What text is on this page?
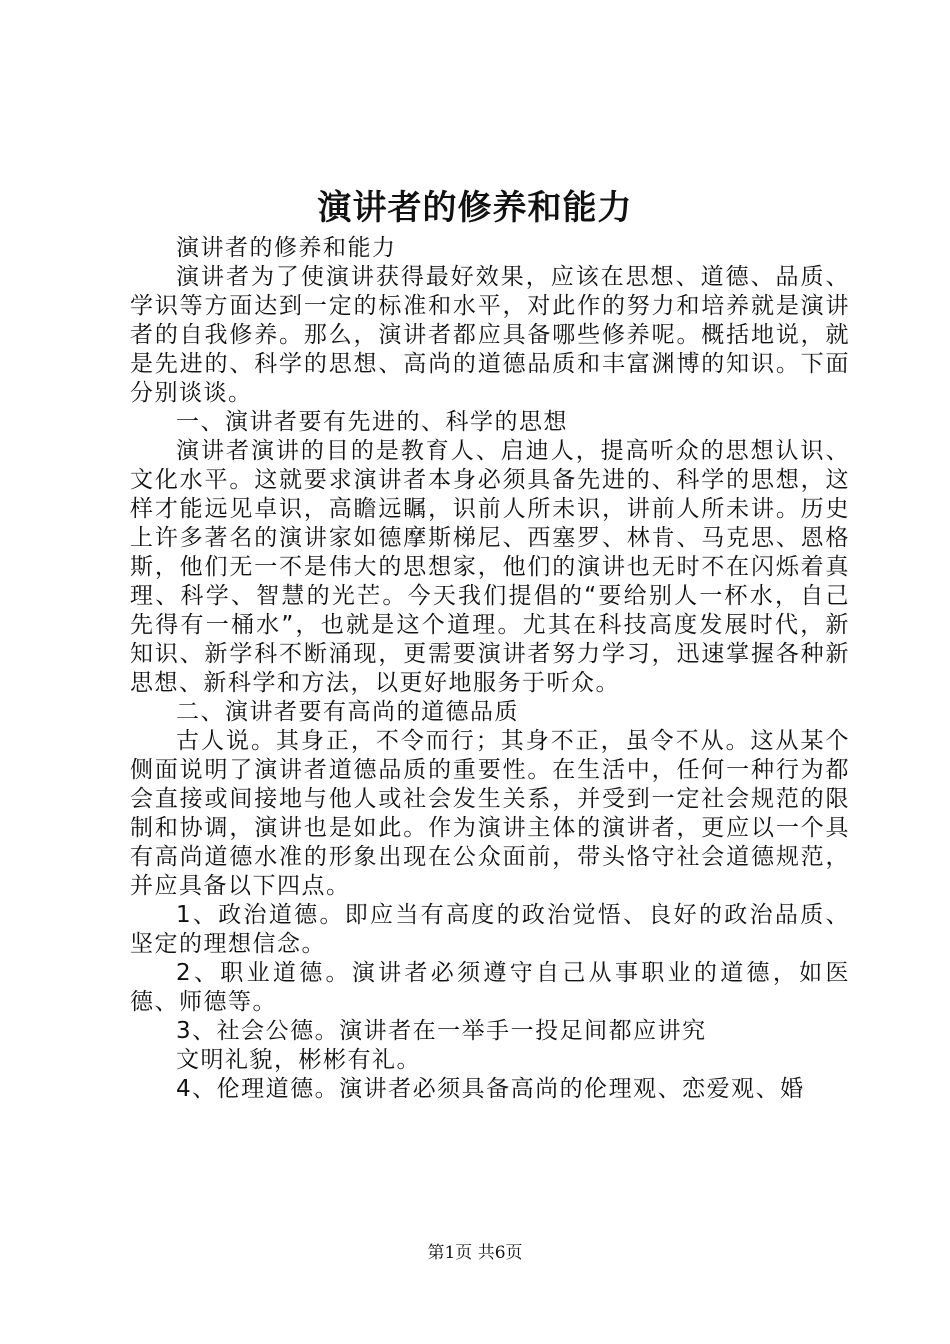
演讲者的修养和能力

演讲者的修养和能力

演讲者为了使演讲获得最好效果，应该在思想、道德、品质、学识等方面达到一定的标准和水平，对此作的努力和培养就是演讲者的自我修养。那么，演讲者都应具备哪些修养呢。概括地说，就是先进的、科学的思想、高尚的道德品质和丰富渊博的知识。下面分别谈谈。

一、演讲者要有先进的、科学的思想

演讲者演讲的目的是教育人、启迪人，提高听众的思想认识、文化水平。这就要求演讲者本身必须具备先进的、科学的思想，这样才能远见卓识，高瞻远瞩，识前人所未识，讲前人所未讲。历史上许多著名的演讲家如德摩斯梯尼、西塞罗、林肯、马克思、恩格斯，他们无一不是伟大的思想家，他们的演讲也无时不在闪烁着真理、科学、智慧的光芒。今天我们提倡的“要给别人一杯水，自己先得有一桶水”，也就是这个道理。尤其在科技高度发展时代，新知识、新学科不断涌现，更需要演讲者努力学习，迅速掌握各种新思想、新科学和方法，以更好地服务于听众。

二、演讲者要有高尚的道德品质

古人说。其身正，不令而行；其身不正，虽令不从。这从某个侧面说明了演讲者道德品质的重要性。在生活中，任何一种行为都会直接或间接地与他人或社会发生关系，并受到一定社会规范的限制和协调，演讲也是如此。作为演讲主体的演讲者，更应以一个具有高尚道德水准的形象出现在公众面前，带头恪守社会道德规范，并应具备以下四点。

1、政治道德。即应当有高度的政治觉悟、良好的政治品质、坚定的理想信念。

2、职业道德。演讲者必须遵守自己从事职业的道德，如医德、师德等。

3、社会公德。演讲者在一举手一投足间都应讲究

文明礼貌，彬彬有礼。

4、伦理道德。演讲者必须具备高尚的伦理观、恋爱观、婚

第1页 共6页
